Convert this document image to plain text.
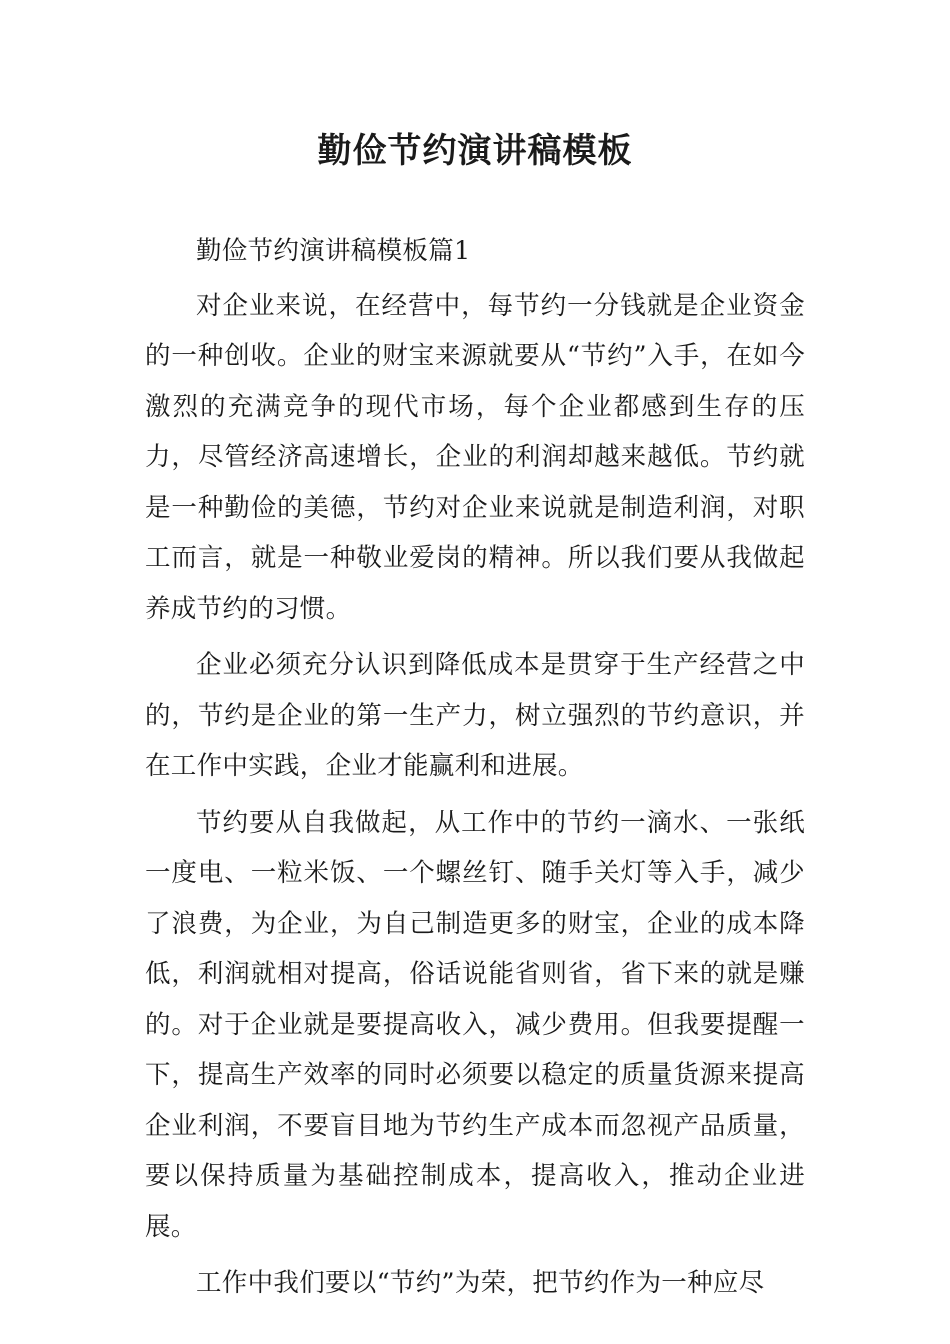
勤俭节约演讲稿模板

勤俭节约演讲稿模板篇1

对企业来说，在经营中，每节约一分钱就是企业资金的一种创收。企业的财宝来源就要从“节约”入手，在如今激烈的充满竞争的现代市场，每个企业都感到生存的压力，尽管经济高速增长，企业的利润却越来越低。节约就是一种勤俭的美德，节约对企业来说就是制造利润，对职工而言，就是一种敬业爱岗的精神。所以我们要从我做起养成节约的习惯。

企业必须充分认识到降低成本是贯穿于生产经营之中的，节约是企业的第一生产力，树立强烈的节约意识，并在工作中实践，企业才能赢利和进展。

节约要从自我做起，从工作中的节约一滴水、一张纸一度电、一粒米饭、一个螺丝钉、随手关灯等入手，减少了浪费，为企业，为自己制造更多的财宝，企业的成本降低，利润就相对提高，俗话说能省则省，省下来的就是赚的。对于企业就是要提高收入，减少费用。但我要提醒一下，提高生产效率的同时必须要以稳定的质量货源来提高企业利润，不要盲目地为节约生产成本而忽视产品质量，要以保持质量为基础控制成本，提高收入，推动企业进展。

工作中我们要以“节约”为荣，把节约作为一种应尽
